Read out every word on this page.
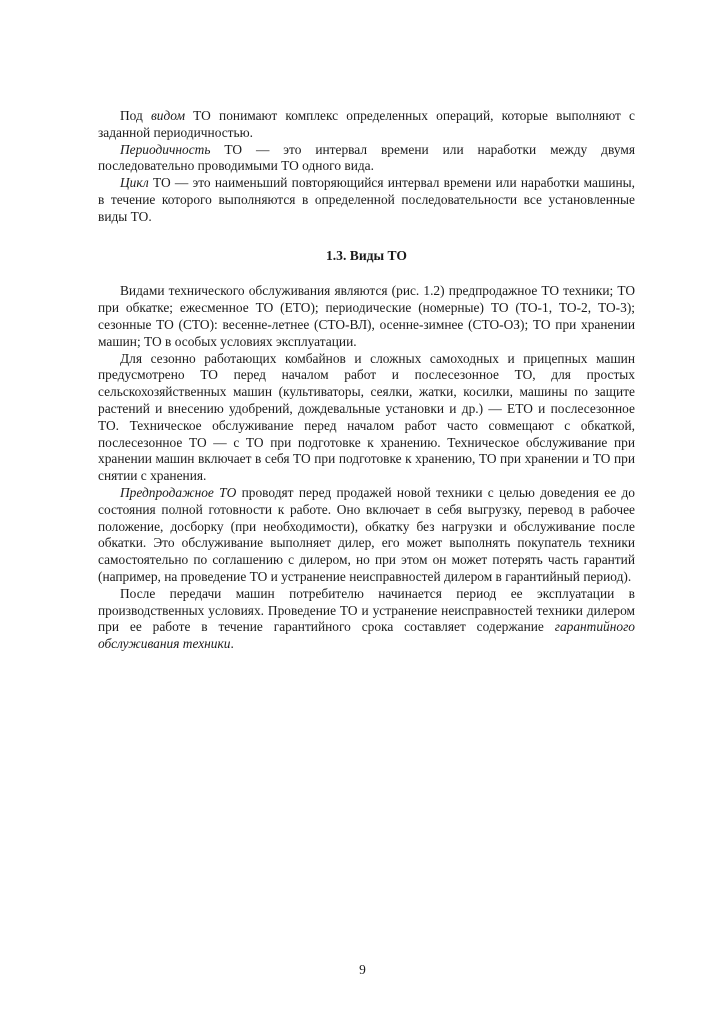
Под видом ТО понимают комплекс определенных операций, которые выполняют с заданной периодичностью.

Периодичность ТО — это интервал времени или наработки между двумя последовательно проводимыми ТО одного вида.

Цикл ТО — это наименьший повторяющийся интервал времени или наработки машины, в течение которого выполняются в определенной последовательности все установленные виды ТО.

1.3. Виды ТО

Видами технического обслуживания являются (рис. 1.2) предпродажное ТО техники; ТО при обкатке; ежесменное ТО (ЕТО); периодические (номерные) ТО (ТО-1, ТО-2, ТО-3); сезонные ТО (СТО): весенне-летнее (СТО-ВЛ), осенне-зимнее (СТО-ОЗ); ТО при хранении машин; ТО в особых условиях эксплуатации.

Для сезонно работающих комбайнов и сложных самоходных и прицепных машин предусмотрено ТО перед началом работ и послесезонное ТО, для простых сельскохозяйственных машин (культиваторы, сеялки, жатки, косилки, машины по защите растений и внесению удобрений, дождевальные установки и др.) — ЕТО и послесезонное ТО. Техническое обслуживание перед началом работ часто совмещают с обкаткой, послесезонное ТО — с ТО при подготовке к хранению. Техническое обслуживание при хранении машин включает в себя ТО при подготовке к хранению, ТО при хранении и ТО при снятии с хранения.

Предпродажное ТО проводят перед продажей новой техники с целью доведения ее до состояния полной готовности к работе. Оно включает в себя выгрузку, перевод в рабочее положение, досборку (при необходимости), обкатку без нагрузки и обслуживание после обкатки. Это обслуживание выполняет дилер, его может выполнять покупатель техники самостоятельно по соглашению с дилером, но при этом он может потерять часть гарантий (например, на проведение ТО и устранение неисправностей дилером в гарантийный период).

После передачи машин потребителю начинается период ее эксплуатации в производственных условиях. Проведение ТО и устранение неисправностей техники дилером при ее работе в течение гарантийного срока составляет содержание гарантийного обслуживания техники.

9
